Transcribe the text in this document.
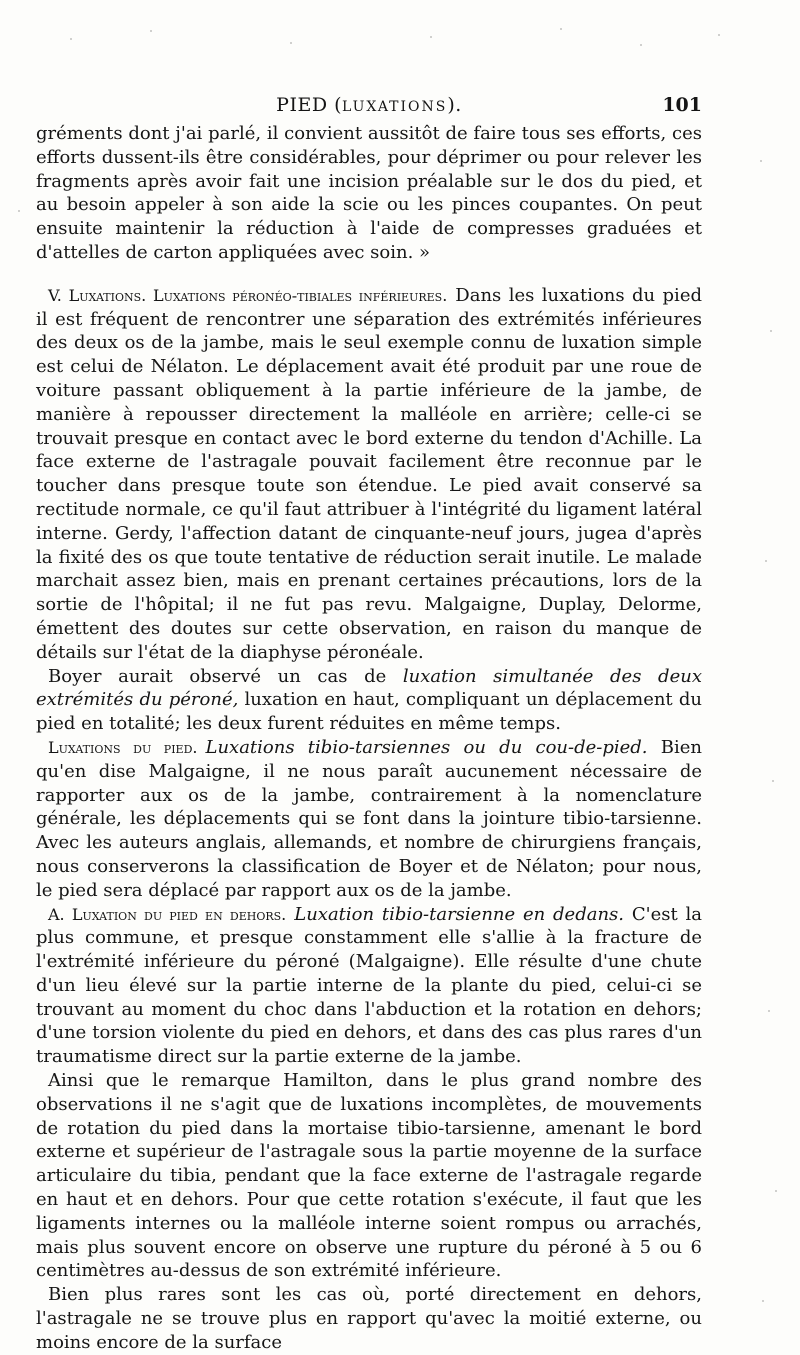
PIED (LUXATIONS).	101

gréments dont j'ai parlé, il convient aussitôt de faire tous ses efforts, ces efforts dussent-ils être considérables, pour déprimer ou pour relever les fragments après avoir fait une incision préalable sur le dos du pied, et au besoin appeler à son aide la scie ou les pinces coupantes. On peut ensuite maintenir la réduction à l'aide de compresses graduées et d'attelles de carton appliquées avec soin. »

V. Luxations. Luxations péronéo-tibiales inférieures. Dans les luxations du pied il est fréquent de rencontrer une séparation des extrémités inférieures des deux os de la jambe, mais le seul exemple connu de luxation simple est celui de Nélaton. Le déplacement avait été produit par une roue de voiture passant obliquement à la partie inférieure de la jambe, de manière à repousser directement la malléole en arrière; celle-ci se trouvait presque en contact avec le bord externe du tendon d'Achille. La face externe de l'astragale pouvait facilement être reconnue par le toucher dans presque toute son étendue. Le pied avait conservé sa rectitude normale, ce qu'il faut attribuer à l'intégrité du ligament latéral interne. Gerdy, l'affection datant de cinquante-neuf jours, jugea d'après la fixité des os que toute tentative de réduction serait inutile. Le malade marchait assez bien, mais en prenant certaines précautions, lors de la sortie de l'hôpital; il ne fut pas revu. Malgaigne, Duplay, Delorme, émettent des doutes sur cette observation, en raison du manque de détails sur l'état de la diaphyse péronéale.

Boyer aurait observé un cas de luxation simultanée des deux extrémités du péroné, luxation en haut, compliquant un déplacement du pied en totalité; les deux furent réduites en même temps.

Luxations du pied. Luxations tibio-tarsiennes ou du cou-de-pied. Bien qu'en dise Malgaigne, il ne nous paraît aucunement nécessaire de rapporter aux os de la jambe, contrairement à la nomenclature générale, les déplacements qui se font dans la jointure tibio-tarsienne. Avec les auteurs anglais, allemands, et nombre de chirurgiens français, nous conserverons la classification de Boyer et de Nélaton; pour nous, le pied sera déplacé par rapport aux os de la jambe.

A. Luxation du pied en dehors. Luxation tibio-tarsienne en dedans. C'est la plus commune, et presque constamment elle s'allie à la fracture de l'extrémité inférieure du péroné (Malgaigne). Elle résulte d'une chute d'un lieu élevé sur la partie interne de la plante du pied, celui-ci se trouvant au moment du choc dans l'abduction et la rotation en dehors; d'une torsion violente du pied en dehors, et dans des cas plus rares d'un traumatisme direct sur la partie externe de la jambe.

Ainsi que le remarque Hamilton, dans le plus grand nombre des observations il ne s'agit que de luxations incomplètes, de mouvements de rotation du pied dans la mortaise tibio-tarsienne, amenant le bord externe et supérieur de l'astragale sous la partie moyenne de la surface articulaire du tibia, pendant que la face externe de l'astragale regarde en haut et en dehors. Pour que cette rotation s'exécute, il faut que les ligaments internes ou la malléole interne soient rompus ou arrachés, mais plus souvent encore on observe une rupture du péroné à 5 ou 6 centimètres au-dessus de son extrémité inférieure.

Bien plus rares sont les cas où, porté directement en dehors, l'astragale ne se trouve plus en rapport qu'avec la moitié externe, ou moins encore de la surface
